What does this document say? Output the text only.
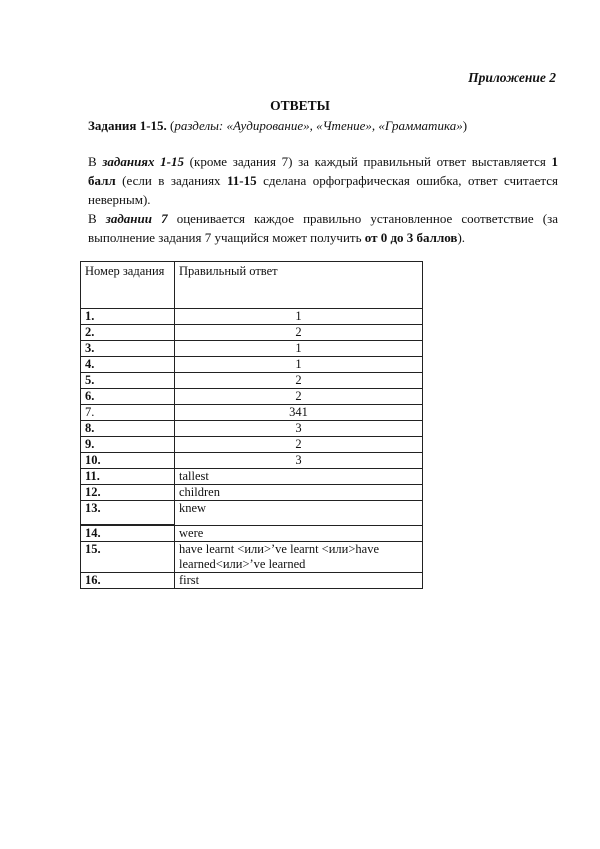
Приложение 2
ОТВЕТЫ
Задания 1-15. (разделы: «Аудирование», «Чтение», «Грамматика»)
В заданиях 1-15 (кроме задания 7) за каждый правильный ответ выставляется 1 балл (если в заданиях 11-15 сделана орфографическая ошибка, ответ считается неверным).
В задании 7 оценивается каждое правильно установленное соответствие (за выполнение задания 7 учащийся может получить от 0 до 3 баллов).
Номер задания	Правильный ответ
1.	1
2.	2
3.	1
4.	1
5.	2
6.	2
7.	341
8.	3
9.	2
10.	3
11.	tallest
12.	children
13.	knew
14.	were
15.	have learnt <или>’ve learnt <или>have learned<или>’ve learned
16.	first
